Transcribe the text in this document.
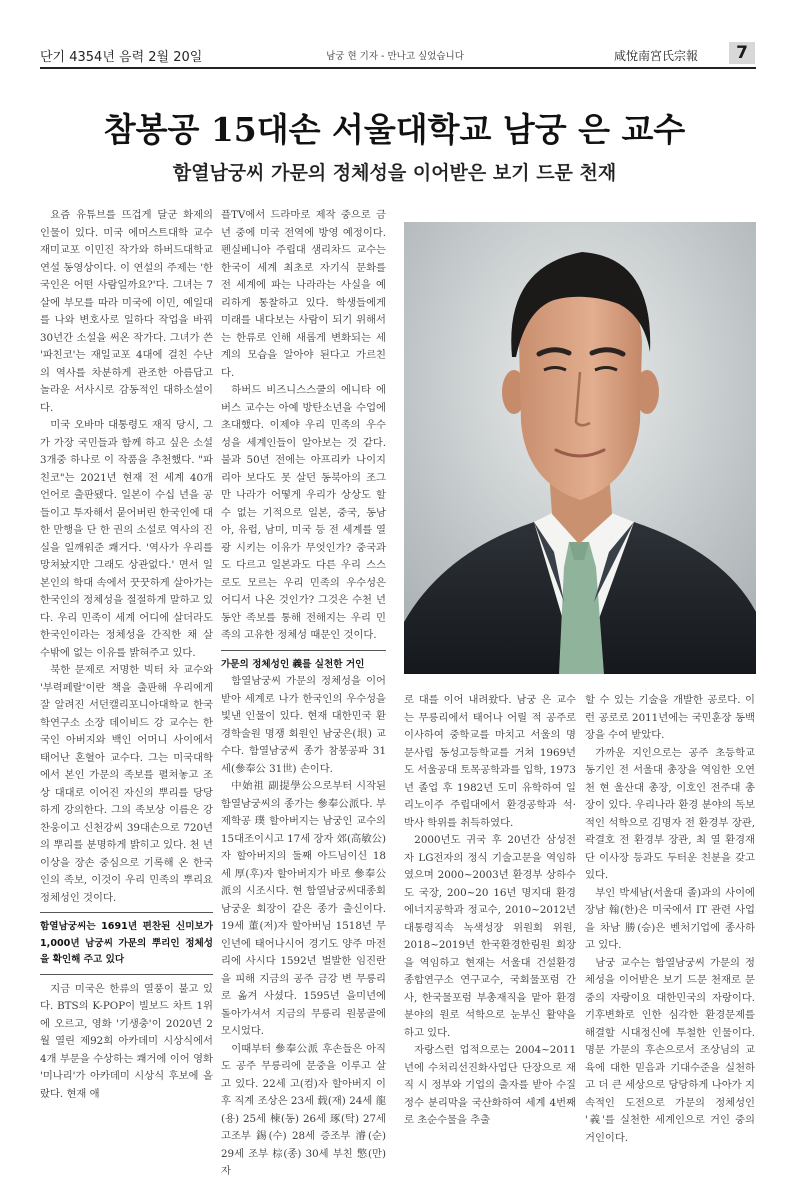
단기 4354년 음력 2월 20일	남궁 현 기자 - 만나고 싶었습니다	咸悅南宮氏宗報	7
참봉공 15대손 서울대학교 남궁 은 교수
함열남궁씨 가문의 정체성을 이어받은 보기 드문 천재

요즘 유튜브를 뜨겁게 달군 화제의 인물이 있다. 미국 에머스트대학 교수 재미교포 이민진 작가와 하버드대학교 연설 동영상이다. 이 연설의 주제는 '한국인은 어떤 사람일까요?'다. 그녀는 7살에 부모를 따라 미국에 이민, 예일대를 나와 변호사로 일하다 작업을 바꿔 30년간 소설을 써온 작가다. 그녀가 쓴 '파친코'는 재일교포 4대에 걸친 수난의 역사를 차분하게 관조한 아름답고 놀라운 서사시로 감동적인 대하소설이다.

미국 오바마 대통령도 재직 당시, 그가 가장 국민들과 함께 하고 싶은 소설 3개중 하나로 이 작품을 추천했다. "파친코"는 2021년 현재 전 세계 40개 언어로 출판됐다. 일본이 수십 년을 공들이고 투자해서 묻어버린 한국인에 대한 만행을 단 한 권의 소설로 역사의 진실을 일깨워준 쾌거다. '역사가 우리를 망쳐놨지만 그래도 상관없다.' 면서 일본인의 학대 속에서 꿋꿋하게 살아가는 한국인의 정체성을 절절하게 말하고 있다. 우리 민족이 세계 어디에 살더라도 한국인이라는 정체성을 간직한 채 살 수밖에 없는 이유를 밝혀주고 있다.

북한 문제로 저명한 빅터 차 교수와 '부력페랄'이란 책을 출판해 우리에게 잘 알려진 서던캘리포니아대학교 한국학연구소 소장 데이비드 강 교수는 한국인 아버지와 백인 어머니 사이에서 태어난 혼혈아 교수다. 그는 미국대학에서 본인 가문의 족보를 펼쳐놓고 조상 대대로 이어진 자신의 뿌리를 당당하게 강의한다. 그의 족보상 이름은 강찬웅이고 신천강씨 39대손으로 720년의 뿌리를 분명하게 밝히고 있다. 천 년 이상을 장손 중심으로 기록해 온 한국인의 족보, 이것이 우리 민족의 뿌리요 정체성인 것이다.

함열남궁씨는 1691년 편찬된 신미보가 1,000년 남궁씨 가문의 뿌리인 정체성을 확인해 주고 있다

지금 미국은 한류의 열풍이 불고 있다. BTS의 K-POP이 빌보드 차트 1위에 오르고, 영화 '기생충'이 2020년 2월 열린 제92회 아카데미 시상식에서 4개 부문을 수상하는 쾌거에 이어 영화 '미나리'가 아카데미 시상식 후보에 올랐다. 현재 애

플TV에서 드라마로 제작 중으로 금년 중에 미국 전역에 방영 예정이다. 펜실베니아 주립대 샘리차드 교수는 한국이 세계 최초로 자기식 문화를 전 세계에 파는 나라라는 사실을 예리하게 통찰하고 있다. 학생들에게 미래를 내다보는 사람이 되기 위해서는 한류로 인해 새롭게 변화되는 세계의 모습을 알아야 된다고 가르친다.

하버드 비즈니스스쿨의 에니타 에버스 교수는 아예 방탄소년을 수업에 초대했다. 이제야 우리 민족의 우수성을 세계인들이 알아보는 것 같다. 불과 50년 전에는 아프리카 나이지리아 보다도 못 살던 동북아의 조그만 나라가 어떻게 우리가 상상도 할 수 없는 기적으로 일본, 중국, 동남아, 유럽, 남미, 미국 등 전 세계를 열광 시키는 이유가 무엇인가? 중국과도 다르고 일본과도 다른 우리 스스로도 모르는 우리 민족의 우수성은 어디서 나온 것인가? 그것은 수천 년 동안 족보를 통해 전해지는 우리 민족의 고유한 정체성 때문인 것이다.

가문의 정체성인 義를 실천한 거인

함열남궁씨 가문의 정체성을 이어받아 세계로 나가 한국인의 우수성을 빛낸 인물이 있다. 현재 대한민국 환경학술원 명쟁 회원인 남궁은(垠) 교수다. 함열남궁씨 종가 참봉공파 31세(參奉公 31世) 손이다.

中始祖 副提學公으로부터 시작된 함열남궁씨의 종가는 參奉公派다. 부제학공 璞 할아버지는 남궁인 교수의 15대조이시고 17세 장자 郊(高敏公)자 할아버지의 둘째 아드님이신 18세 厚(후)자 할아버지가 바로 參奉公派의 시조시다. 현 함열남궁씨대종회 남궁운 회장이 같은 종가 출신이다. 19세 董(저)자 할아버님 1518년 무인년에 태어나시어 경기도 양주 마전리에 사시다 1592년 벌발한 임진란을 피해 지금의 공주 금강 변 무릉리로 옮겨 사셨다. 1595년 을미년에 돌아가셔서 지금의 무릉리 원봉골에 모시었다.

이때부터 參奉公派 후손들은 아직도 공주 무릉리에 문중을 이루고 살고 있다. 22세 고(컴)자 할아버지 이후 직계 조상은 23세 载(재) 24세 龍(용) 25세 棟(동) 26세 琢(탁) 27세 고조부 錫(수) 28세 증조부 濬(순) 29세 조부 棕(종) 30세 부친 憼(만)자

로 대를 이어 내려왔다. 남궁 은 교수는 무릉리에서 태어나 어릴 적 공주로 이사하여 중학교를 마치고 서울의 명문사립 동성고등학교를 거쳐 1969년도 서울공대 토목공학과를 입학, 1973년 졸업 후 1982년 도미 유학하여 일리노이주 주립대에서 환경공학과 석·박사 학위를 취득하였다.

2000년도 귀국 후 20년간 삼성전자 LG전자의 정식 기술고문을 역임하였으며 2000~2003년 환경부 상하수도 국장, 200~20 16년 명지대 환경에너지공학과 정교수, 2010~2012년 대통령직속 녹색성장 위원회 위원, 2018~2019년 한국환경한림원 회장을 역임하고 현재는 서울대 건설환경종합연구소 연구교수, 국회물포럼 간사, 한국물포럼 부총재직을 맡아 환경 분야의 원로 석학으로 눈부신 활약을 하고 있다.

자랑스런 업적으로는 2004~2011년에 수처리선진화사업단 단장으로 재직 시 정부와 기업의 출자를 받아 수질 정수 분리막을 국산화하여 세계 4번째로 초순수물을 추출

할 수 있는 기술을 개발한 공로다. 이런 공로로 2011년에는 국민훈장 동백장을 수여 받았다.

가까운 지인으로는 공주 초등학교 동기인 전 서울대 총장을 역임한 오연천 현 울산대 총장, 이호인 전주대 총장이 있다. 우리나라 환경 분야의 독보적인 석학으로 김명자 전 환경부 장관, 곽결호 전 환경부 장관, 최 열 환경재단 이사장 등과도 두터운 친분을 갖고 있다.

부인 박세남(서울대 졸)과의 사이에 장남 翰(한)은 미국에서 IT 관련 사업을 차남 勝(승)은 벤처기업에 종사하고 있다.

남궁 교수는 함열남궁씨 가문의 정체성을 이어받은 보기 드문 천재로 문중의 자랑이요 대한민국의 자랑이다. 기후변화로 인한 심각한 환경문제를 해결할 시대정신에 투철한 인물이다. 명문 가문의 후손으로서 조상님의 교육에 대한 믿음과 기대수준을 실천하고 더 큰 세상으로 당당하게 나아가 지속적인 도전으로 가문의 정체성인 '義'를 실천한 세계인으로 거인 중의 거인이다.
